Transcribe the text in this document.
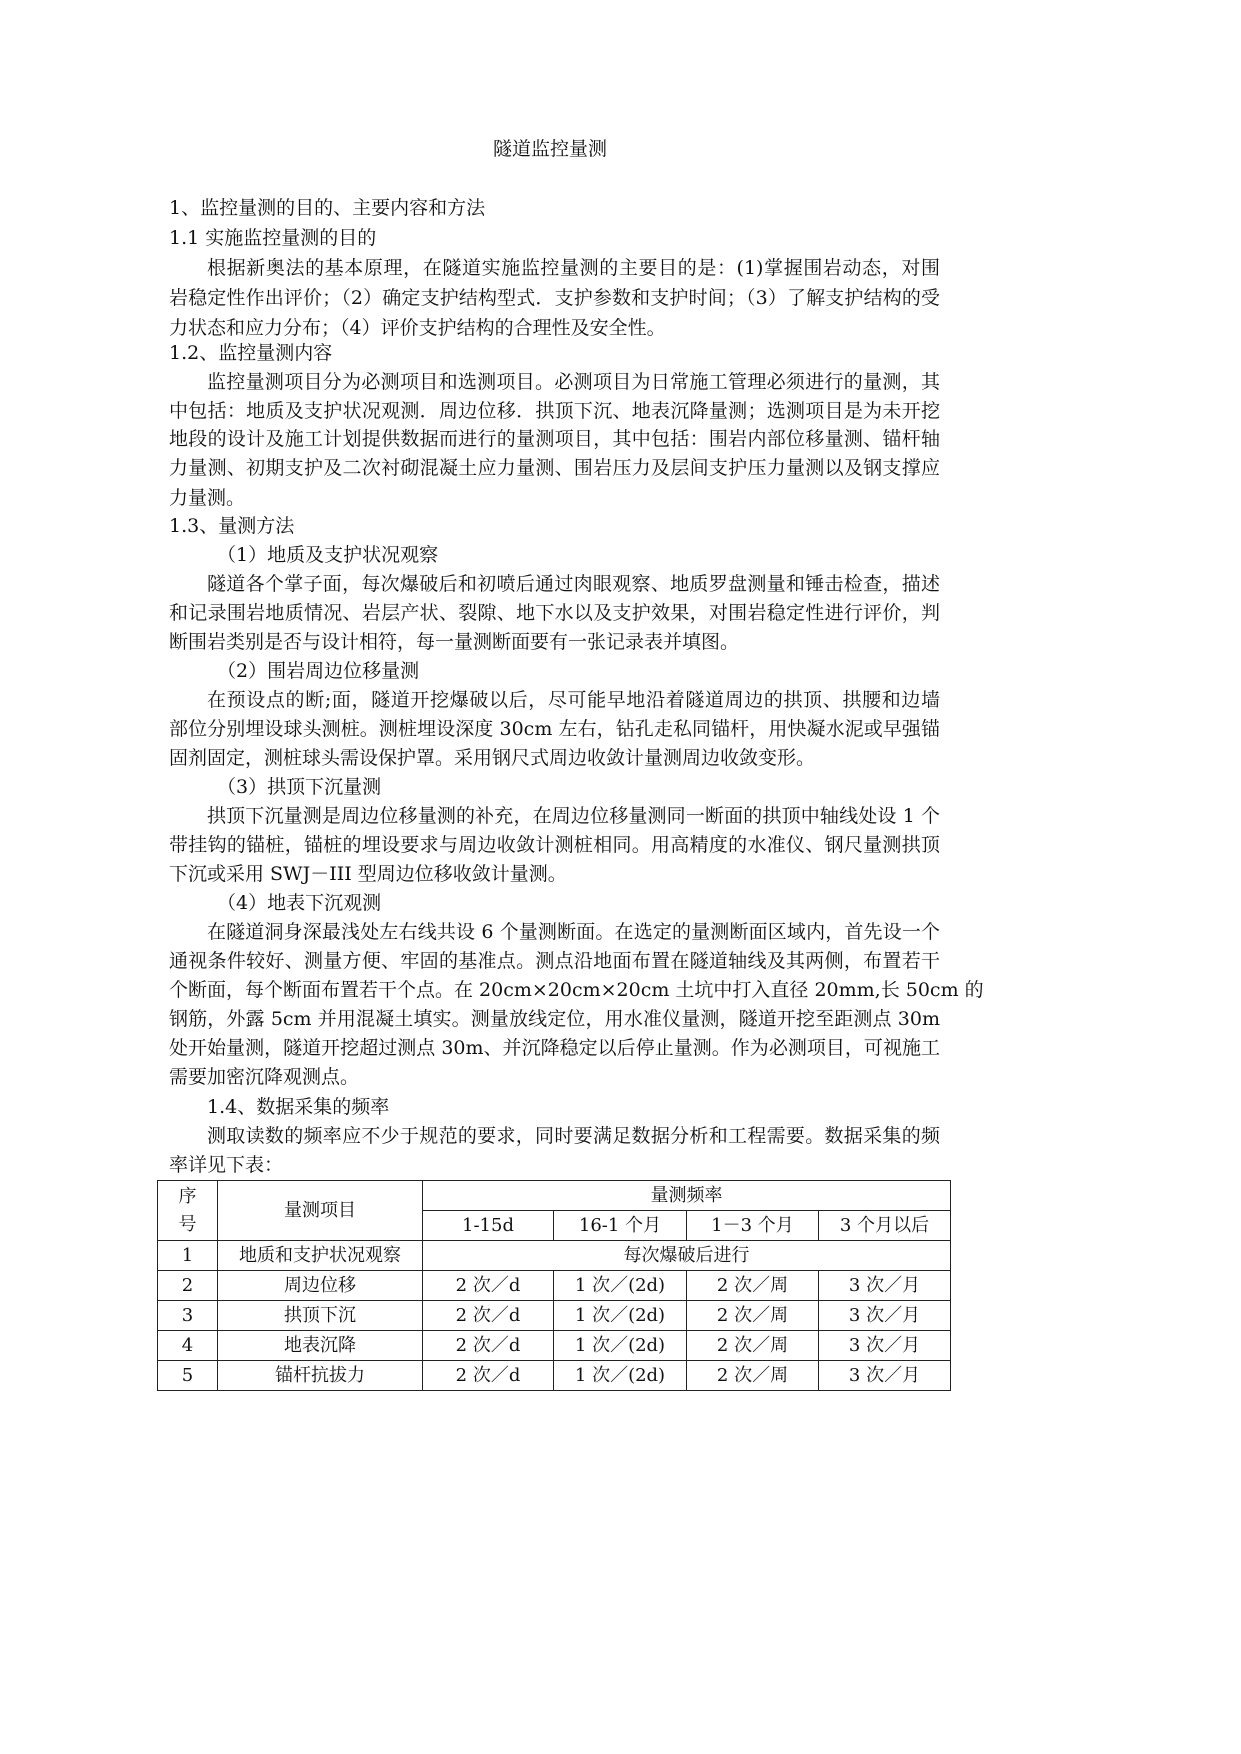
隧道监控量测
1、监控量测的目的、主要内容和方法
1.1 实施监控量测的目的
根据新奥法的基本原理，在隧道实施监控量测的主要目的是：(1)掌握围岩动态，对围
岩稳定性作出评价；（2）确定支护结构型式．支护参数和支护时间；（3）了解支护结构的受
力状态和应力分布；（4）评价支护结构的合理性及安全性。
1.2、监控量测内容
监控量测项目分为必测项目和选测项目。必测项目为日常施工管理必须进行的量测，其
中包括：地质及支护状况观测．周边位移．拱顶下沉、地表沉降量测；选测项目是为未开挖
地段的设计及施工计划提供数据而进行的量测项目，其中包括：围岩内部位移量测、锚杆轴
力量测、初期支护及二次衬砌混凝土应力量测、围岩压力及层间支护压力量测以及钢支撑应
力量测。
1.3、量测方法
（1）地质及支护状况观察
隧道各个掌子面，每次爆破后和初喷后通过肉眼观察、地质罗盘测量和锤击检查，描述
和记录围岩地质情况、岩层产状、裂隙、地下水以及支护效果，对围岩稳定性进行评价，判
断围岩类别是否与设计相符，每一量测断面要有一张记录表并填图。
（2）围岩周边位移量测
在预设点的断;面，隧道开挖爆破以后，尽可能早地沿着隧道周边的拱顶、拱腰和边墙
部位分别埋设球头测桩。测桩埋设深度 30cm 左右，钻孔走私同锚杆，用快凝水泥或早强锚
固剂固定，测桩球头需设保护罩。采用钢尺式周边收敛计量测周边收敛变形。
（3）拱顶下沉量测
拱顶下沉量测是周边位移量测的补充，在周边位移量测同一断面的拱顶中轴线处设 1 个
带挂钩的锚桩，锚桩的埋设要求与周边收敛计测桩相同。用高精度的水准仪、钢尺量测拱顶
下沉或采用 SWJ－III 型周边位移收敛计量测。
（4）地表下沉观测
在隧道洞身深最浅处左右线共设 6 个量测断面。在选定的量测断面区域内，首先设一个
通视条件较好、测量方便、牢固的基准点。测点沿地面布置在隧道轴线及其两侧，布置若干
个断面，每个断面布置若干个点。在 20cm×20cm×20cm 土坑中打入直径 20mm,长 50cm 的
钢筋，外露 5cm 并用混凝土填实。测量放线定位，用水准仪量测，隧道开挖至距测点 30m
处开始量测，隧道开挖超过测点 30m、并沉降稳定以后停止量测。作为必测项目，可视施工
需要加密沉降观测点。
1.4、数据采集的频率
测取读数的频率应不少于规范的要求，同时要满足数据分析和工程需要。数据采集的频
率详见下表：
序
号	量测项目	量测频率			
		1-15d	16-1 个月	1－3 个月	3 个月以后
1	地质和支护状况观察	每次爆破后进行			
2	周边位移	2 次／d	1 次／(2d)	2 次／周	3 次／月
3	拱顶下沉	2 次／d	1 次／(2d)	2 次／周	3 次／月
4	地表沉降	2 次／d	1 次／(2d)	2 次／周	3 次／月
5	锚杆抗拔力	2 次／d	1 次／(2d)	2 次／周	3 次／月
